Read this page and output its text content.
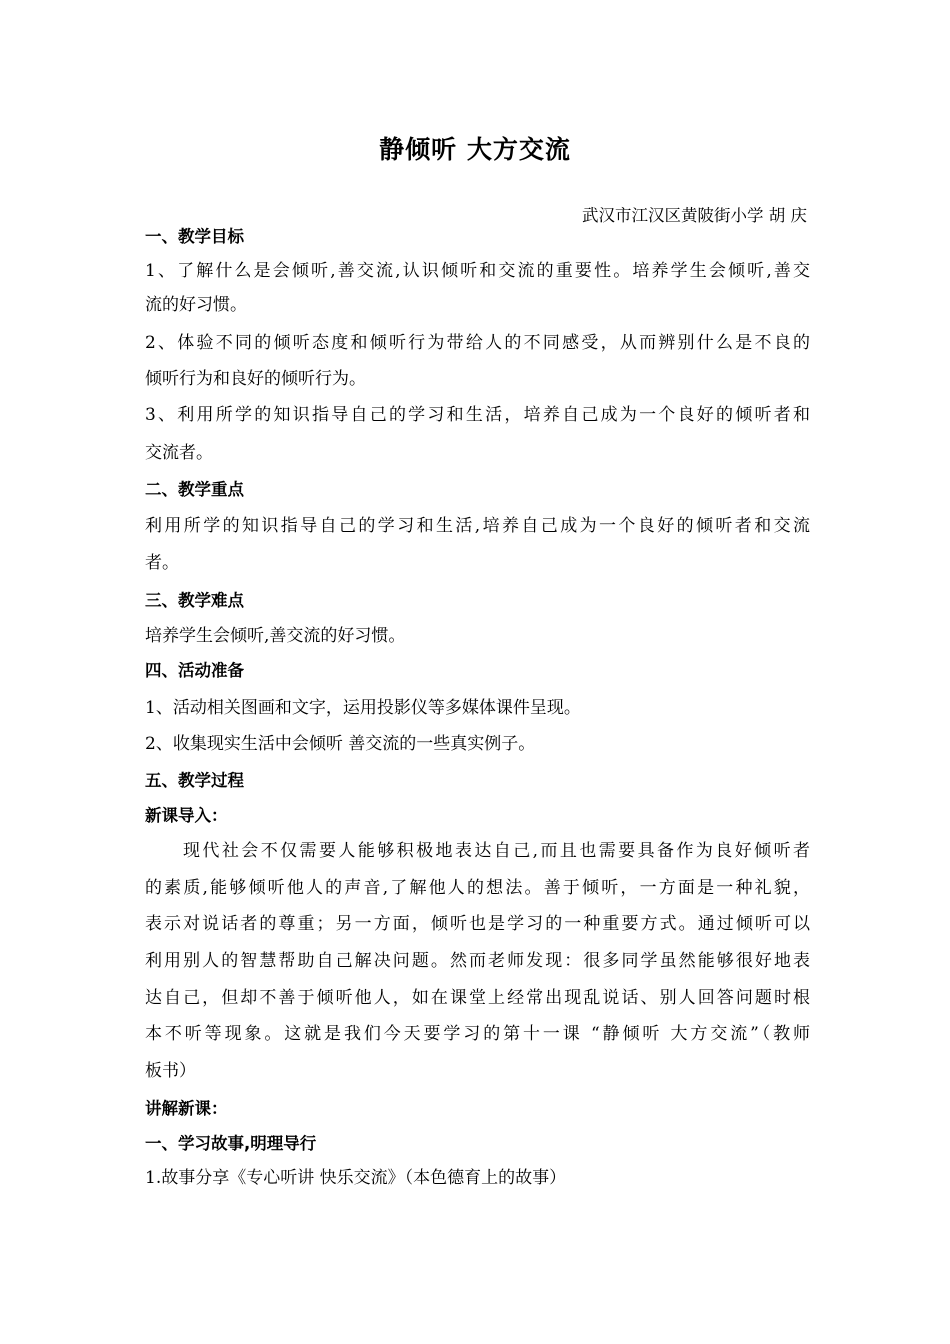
静倾听 大方交流
武汉市江汉区黄陂街小学 胡 庆
一、教学目标
1、了解什么是会倾听,善交流,认识倾听和交流的重要性。培养学生会倾听,善交
流的好习惯。
2、体验不同的倾听态度和倾听行为带给人的不同感受，从而辨别什么是不良的
倾听行为和良好的倾听行为。
3、利用所学的知识指导自己的学习和生活，培养自己成为一个良好的倾听者和
交流者。
二、教学重点
利用所学的知识指导自己的学习和生活,培养自己成为一个良好的倾听者和交流
者。
三、教学难点
培养学生会倾听,善交流的好习惯。
四、活动准备
1、活动相关图画和文字，运用投影仪等多媒体课件呈现。
2、收集现实生活中会倾听 善交流的一些真实例子。
五、教学过程
新课导入：
现代社会不仅需要人能够积极地表达自己,而且也需要具备作为良好倾听者
的素质,能够倾听他人的声音,了解他人的想法。善于倾听，一方面是一种礼貌，
表示对说话者的尊重；另一方面，倾听也是学习的一种重要方式。通过倾听可以
利用别人的智慧帮助自己解决问题。然而老师发现：很多同学虽然能够很好地表
达自己，但却不善于倾听他人，如在课堂上经常出现乱说话、别人回答问题时根
本不听等现象。这就是我们今天要学习的第十一课 “静倾听 大方交流”（教师
板书）
讲解新课：
一、学习故事,明理导行
1.故事分享《专心听讲 快乐交流》（本色德育上的故事）
